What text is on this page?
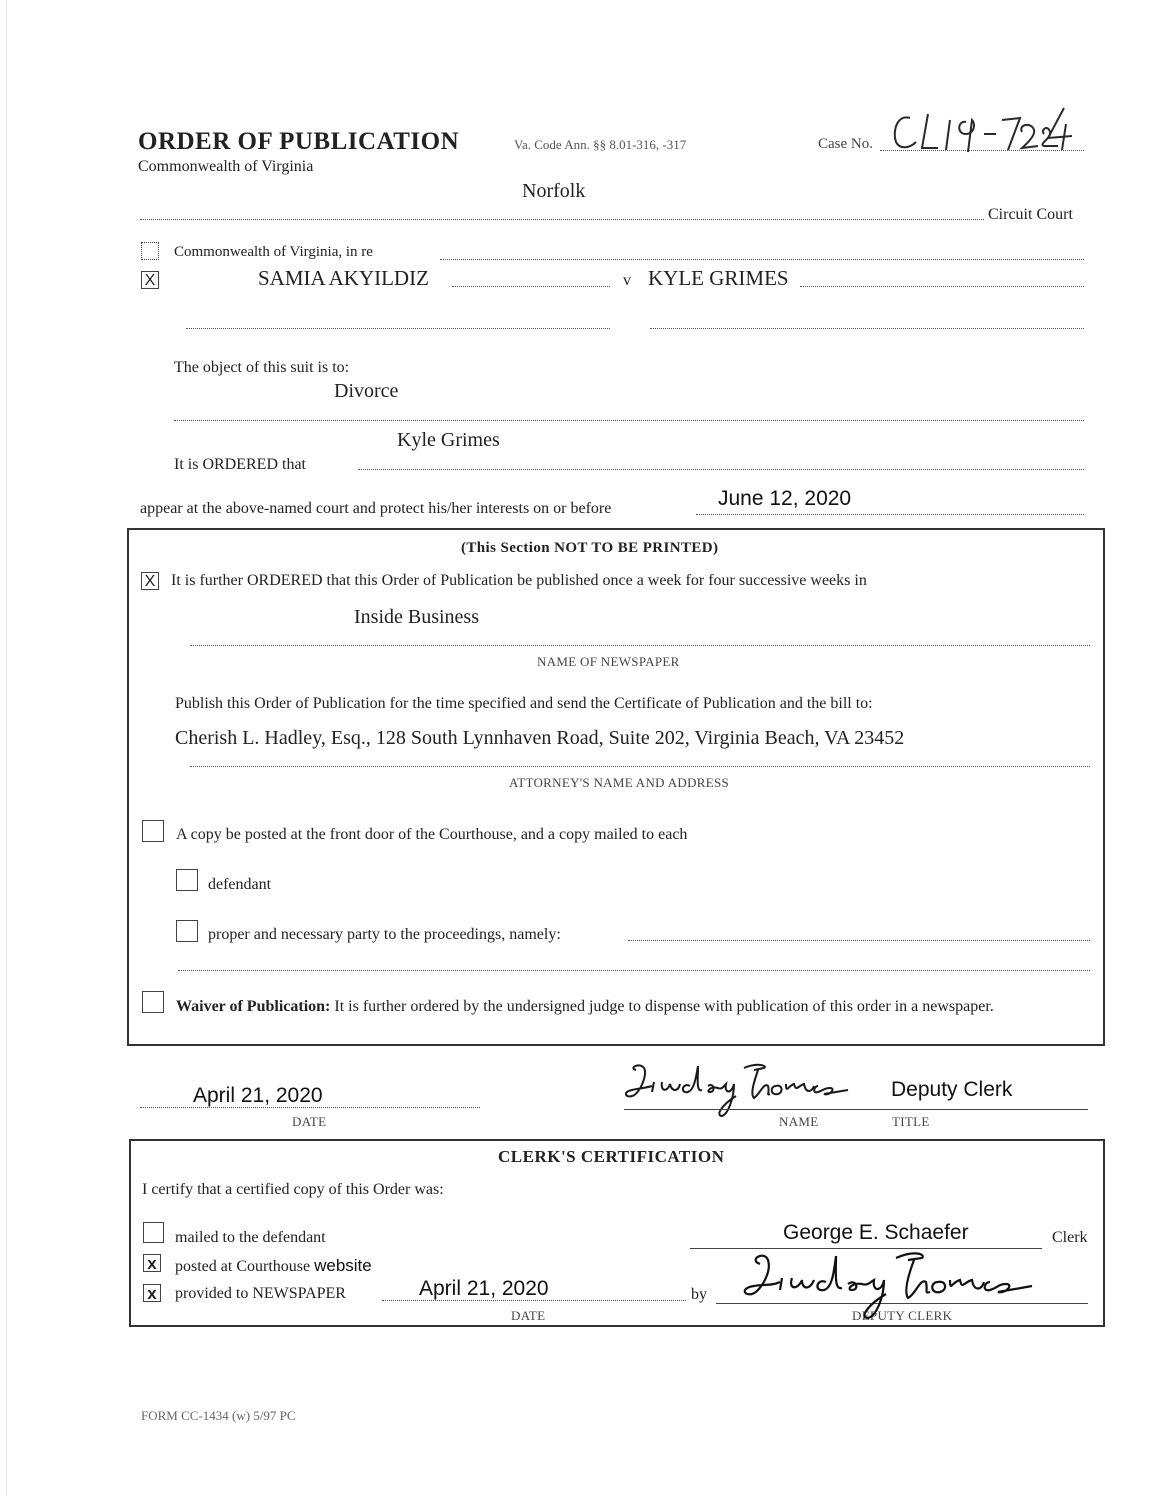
ORDER OF PUBLICATION
Commonwealth of Virginia
Va. Code Ann. §§ 8.01-316, -317	Case No.
Norfolk
Circuit Court
Commonwealth of Virginia, in re
X	SAMIA AKYILDIZ	v KYLE GRIMES
The object of this suit is to:
Divorce
Kyle Grimes
It is ORDERED that
appear at the above-named court and protect his/her interests on or before	June 12, 2020
(This Section NOT TO BE PRINTED)
X It is further ORDERED that this Order of Publication be published once a week for four successive weeks in
Inside Business
NAME OF NEWSPAPER
Publish this Order of Publication for the time specified and send the Certificate of Publication and the bill to:
Cherish L. Hadley, Esq., 128 South Lynnhaven Road, Suite 202, Virginia Beach, VA 23452
ATTORNEY'S NAME AND ADDRESS
A copy be posted at the front door of the Courthouse, and a copy mailed to each
defendant
proper and necessary party to the proceedings, namely:
Waiver of Publication: It is further ordered by the undersigned judge to dispense with publication of this order in a newspaper.
April 21, 2020
DATE
Deputy Clerk
NAME	TITLE
CLERK'S CERTIFICATION
I certify that a certified copy of this Order was:
mailed to the defendant
x posted at Courthouse website
x provided to NEWSPAPER	April 21, 2020
DATE
by
George E. Schaefer	Clerk
DEPUTY CLERK
FORM CC-1434 (w) 5/97 PC
